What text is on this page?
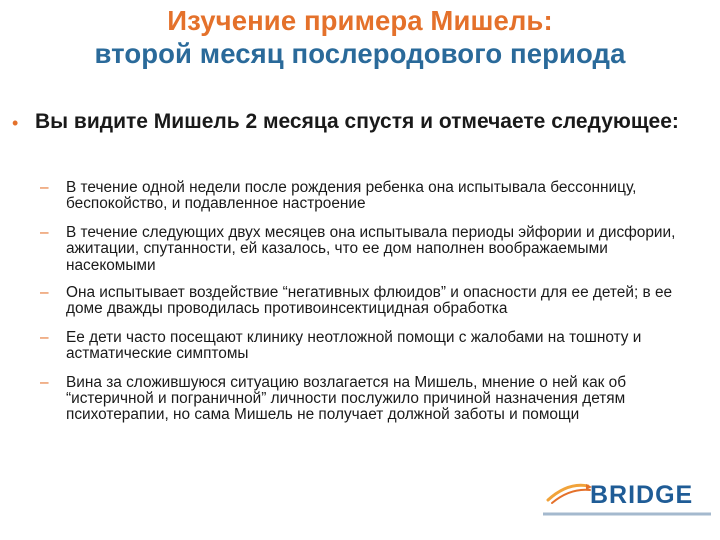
Изучение примера Мишель:
второй месяц послеродового периода
• Вы видите Мишель 2 месяца спустя и отмечаете следующее:
– В течение одной недели после рождения ребенка она испытывала бессонницу, беспокойство, и подавленное настроение
– В течение следующих двух месяцев она испытывала периоды эйфории и дисфории, ажитации, спутанности, ей казалось, что ее дом наполнен воображаемыми насекомыми
– Она испытывает воздействие “негативных флюидов” и опасности для ее детей; в ее доме дважды проводилась противоинсектицидная обработка
– Ее дети часто посещают клинику неотложной помощи с жалобами на тошноту и астматические симптомы
– Вина за сложившуюся ситуацию возлагается на Мишель, мнение о ней как об “истеричной и пограничной” личности послужило причиной назначения детям психотерапии, но сама Мишель не получает должной заботы и помощи
BRIDGE
